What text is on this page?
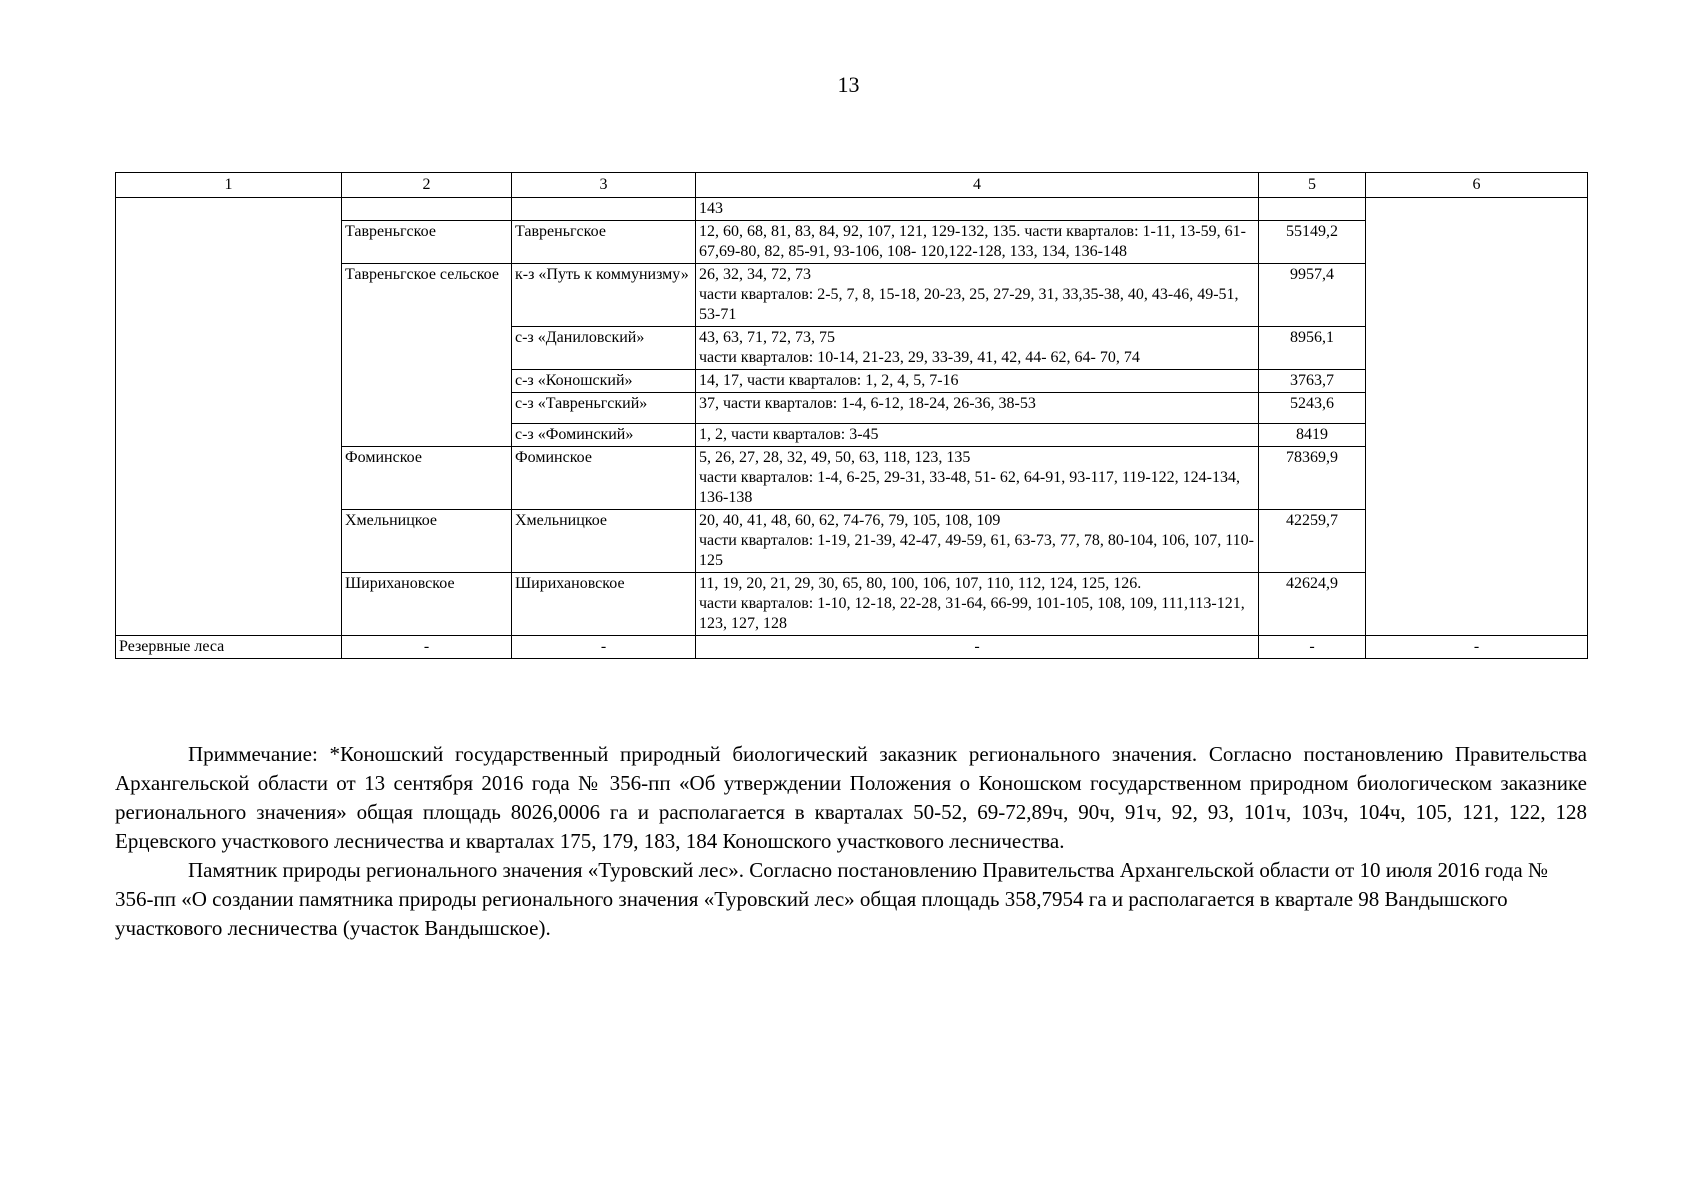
13
1	2	3	4	5	6
			143		
	Тавреньгское	Тавреньгское	12, 60, 68, 81, 83, 84, 92, 107, 121, 129-132, 135. части кварталов: 1-11, 13-59, 61- 67,69-80, 82, 85-91, 93-106, 108- 120,122-128, 133, 134, 136-148	55149,2	
	Тавреньгское сельское	к-з «Путь к коммунизму»	26, 32, 34, 72, 73
части кварталов: 2-5, 7, 8, 15-18, 20-23, 25, 27-29, 31, 33,35-38, 40, 43-46, 49-51, 53-71	9957,4	
		с-з «Даниловский»	43, 63, 71, 72, 73, 75
части кварталов: 10-14, 21-23, 29, 33-39, 41, 42, 44- 62, 64- 70, 74	8956,1	
		с-з «Коношский»	14, 17, части кварталов: 1, 2, 4, 5, 7-16	3763,7	
		с-з «Тавреньгский»	37, части кварталов: 1-4, 6-12, 18-24, 26-36, 38-53	5243,6	
		с-з «Фоминский»	1, 2, части кварталов: 3-45	8419	
	Фоминское	Фоминское	5, 26, 27, 28, 32, 49, 50, 63, 118, 123, 135
части кварталов: 1-4, 6-25, 29-31, 33-48, 51- 62, 64-91, 93-117, 119-122, 124-134, 136-138	78369,9	
	Хмельницкое	Хмельницкое	20, 40, 41, 48, 60, 62, 74-76, 79, 105, 108, 109
части кварталов: 1-19, 21-39, 42-47, 49-59, 61, 63-73, 77, 78, 80-104, 106, 107, 110-125	42259,7	
	Шириханoвское	Шириханoвское	11, 19, 20, 21, 29, 30, 65, 80, 100, 106, 107, 110, 112, 124, 125, 126.
части кварталов: 1-10, 12-18, 22-28, 31-64, 66-99, 101-105, 108, 109, 111,113-121, 123, 127, 128	42624,9	
Резервные леса	-	-	-	-	-

Приммечание: *Коношский государственный природный биологический заказник регионального значения. Согласно постановлению Правительства Архангельской области от 13 сентября 2016 года № 356-пп «Об утверждении Положения о Коношском государственном природном биологическом заказнике регионального значения» общая площадь 8026,0006 га и располагается в кварталах 50-52, 69-72,89ч, 90ч, 91ч, 92, 93, 101ч, 103ч, 104ч, 105, 121, 122, 128 Ерцевского участкового лесничества и кварталах 175, 179, 183, 184 Коношского участкового лесничества.

Памятник природы регионального значения «Туровский лес». Согласно постановлению Правительства Архангельской области от 10 июля 2016 года № 356-пп «О создании памятника природы регионального значения «Туровский лес» общая площадь 358,7954 га и располагается в квартале 98 Вандышского участкового лесничества (участок Вандышское).
